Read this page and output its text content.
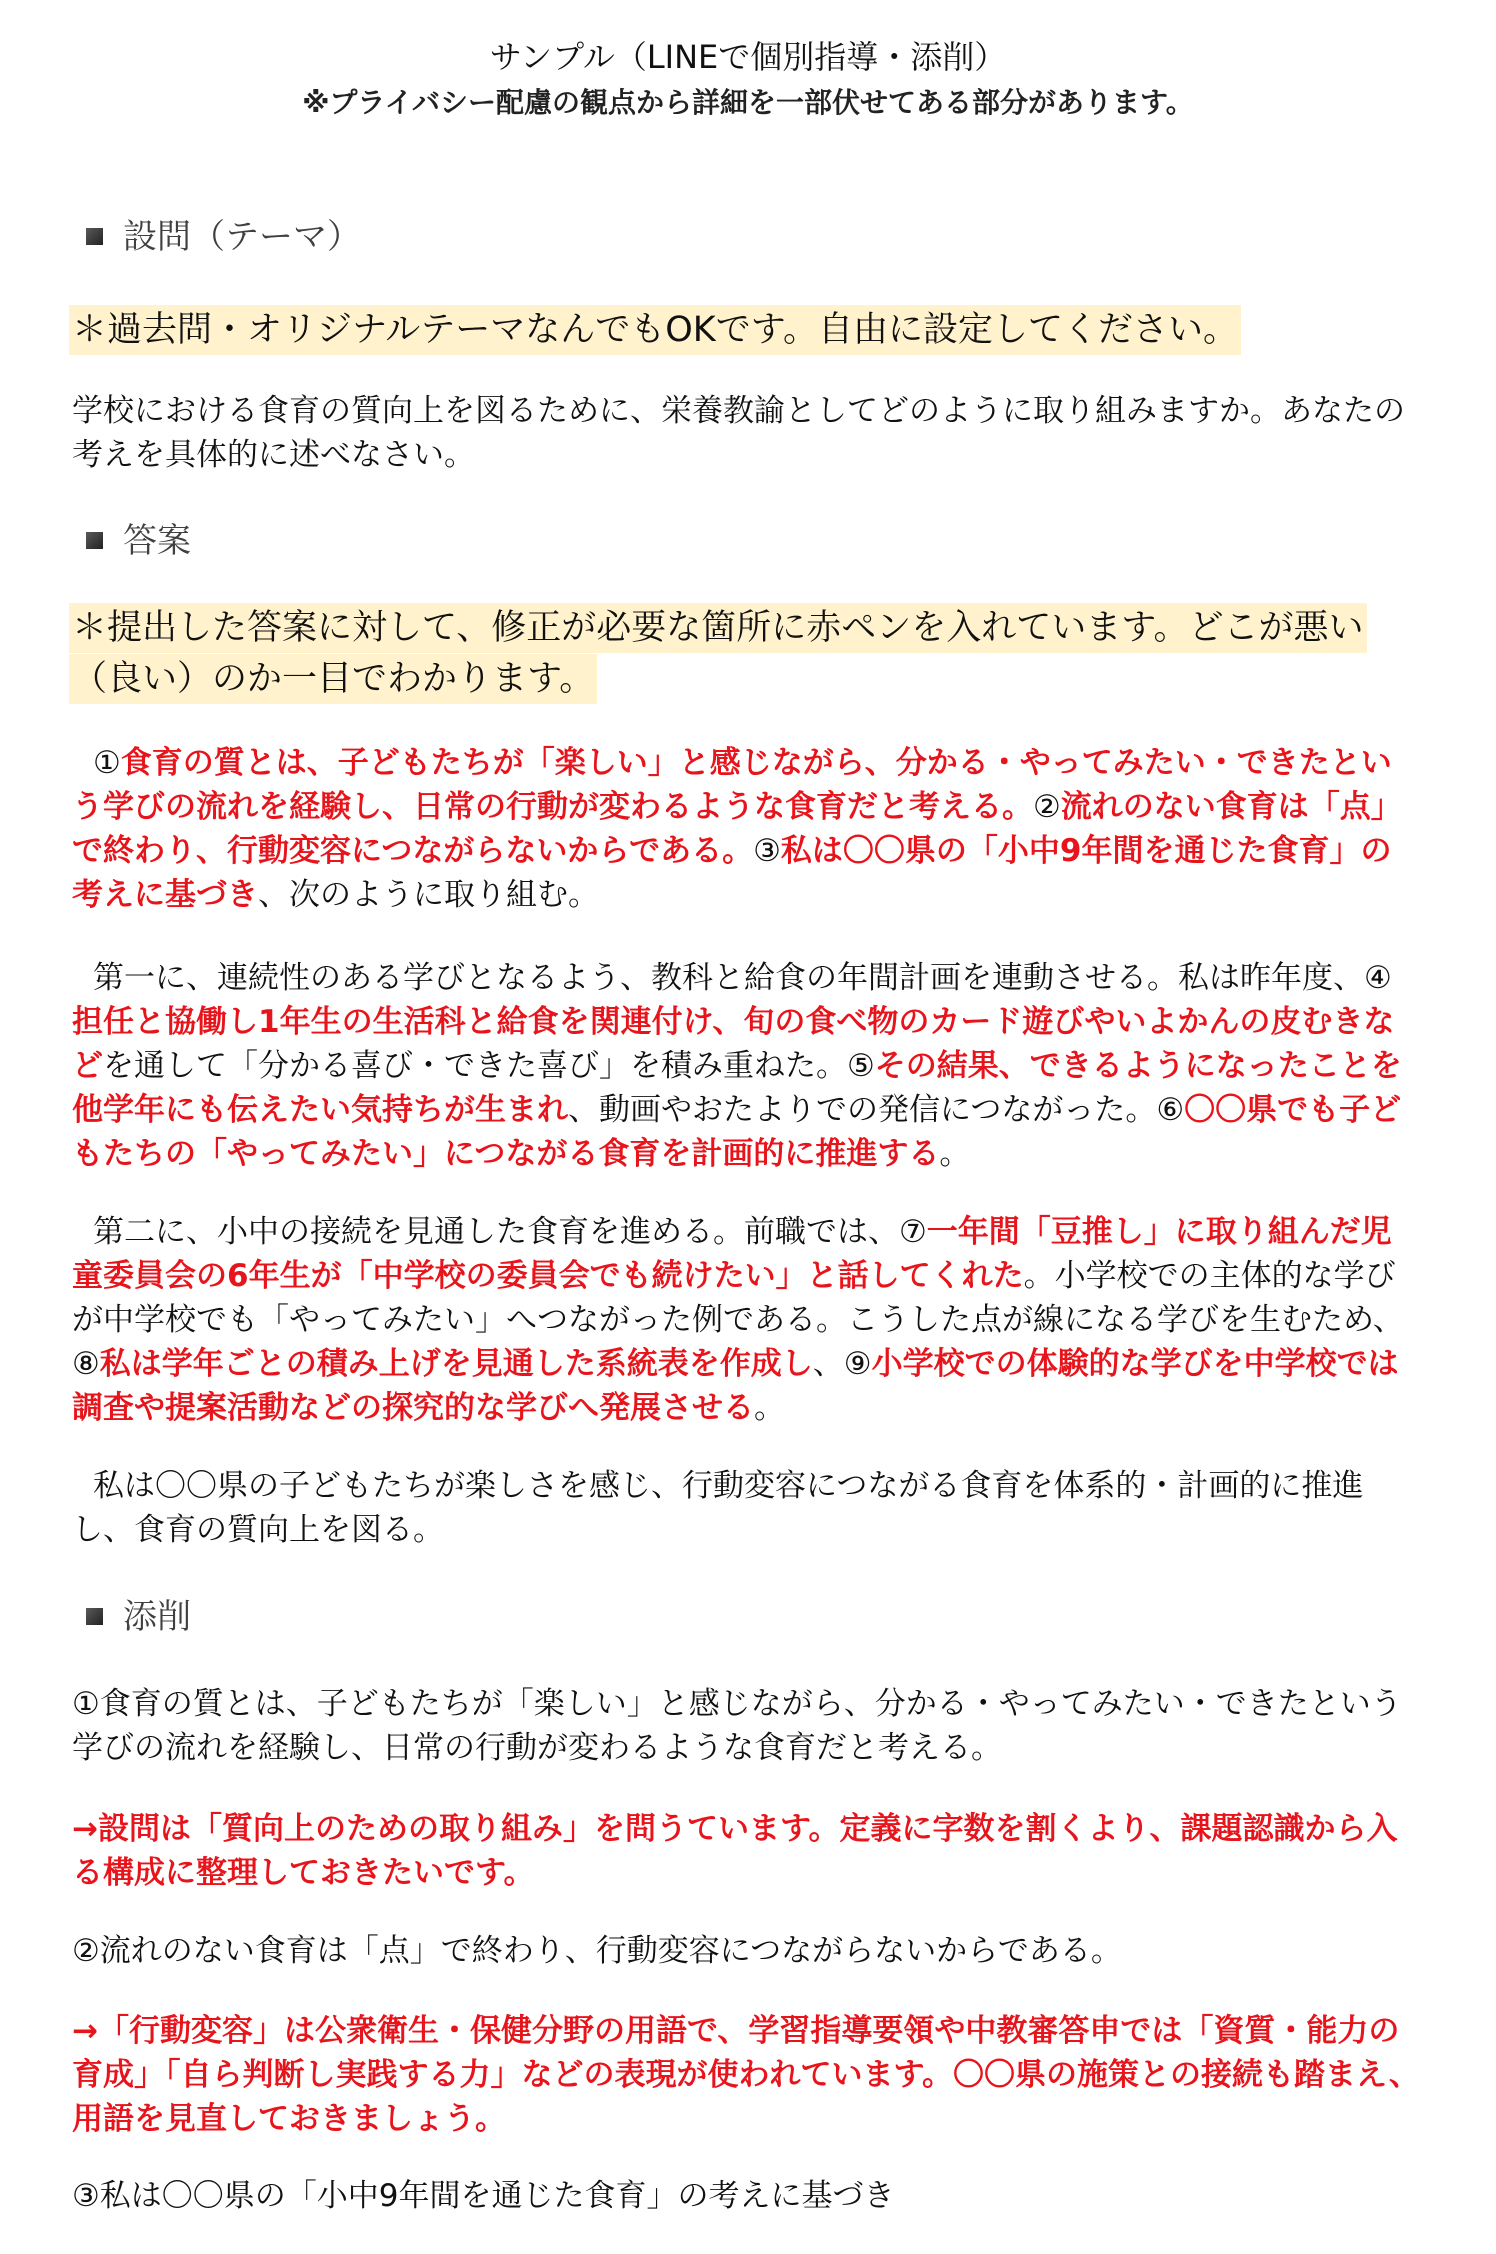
サンプル（LINEで個別指導・添削）

※プライバシー配慮の観点から詳細を一部伏せてある部分があります。

設問（テーマ）

＊過去問・オリジナルテーマなんでもOKです。自由に設定してください。

学校における食育の質向上を図るために、栄養教諭としてどのように取り組みますか。あなたの考えを具体的に述べなさい。

答案

＊提出した答案に対して、修正が必要な箇所に赤ペンを入れています。どこが悪い（良い）のか一目でわかります。

①食育の質とは、子どもたちが「楽しい」と感じながら、分かる・やってみたい・できたという学びの流れを経験し、日常の行動が変わるような食育だと考える。②流れのない食育は「点」で終わり、行動変容につながらないからである。③私は〇〇県の「小中9年間を通じた食育」の考えに基づき、次のように取り組む。

第一に、連続性のある学びとなるよう、教科と給食の年間計画を連動させる。私は昨年度、④担任と協働し1年生の生活科と給食を関連付け、旬の食べ物のカード遊びやいよかんの皮むきなどを通して「分かる喜び・できた喜び」を積み重ねた。⑤その結果、できるようになったことを他学年にも伝えたい気持ちが生まれ、動画やおたよりでの発信につながった。⑥〇〇県でも子どもたちの「やってみたい」につながる食育を計画的に推進する。

第二に、小中の接続を見通した食育を進める。前職では、⑦一年間「豆推し」に取り組んだ児童委員会の6年生が「中学校の委員会でも続けたい」と話してくれた。小学校での主体的な学びが中学校でも「やってみたい」へつながった例である。こうした点が線になる学びを生むため、⑧私は学年ごとの積み上げを見通した系統表を作成し、⑨小学校での体験的な学びを中学校では調査や提案活動などの探究的な学びへ発展させる。

私は〇〇県の子どもたちが楽しさを感じ、行動変容につながる食育を体系的・計画的に推進し、食育の質向上を図る。

添削

①食育の質とは、子どもたちが「楽しい」と感じながら、分かる・やってみたい・できたという学びの流れを経験し、日常の行動が変わるような食育だと考える。

→設問は「質向上のための取り組み」を問うています。定義に字数を割くより、課題認識から入る構成に整理しておきたいです。

②流れのない食育は「点」で終わり、行動変容につながらないからである。

→「行動変容」は公衆衛生・保健分野の用語で、学習指導要領や中教審答申では「資質・能力の育成」「自ら判断し実践する力」などの表現が使われています。〇〇県の施策との接続も踏まえ、用語を見直しておきましょう。

③私は〇〇県の「小中9年間を通じた食育」の考えに基づき
